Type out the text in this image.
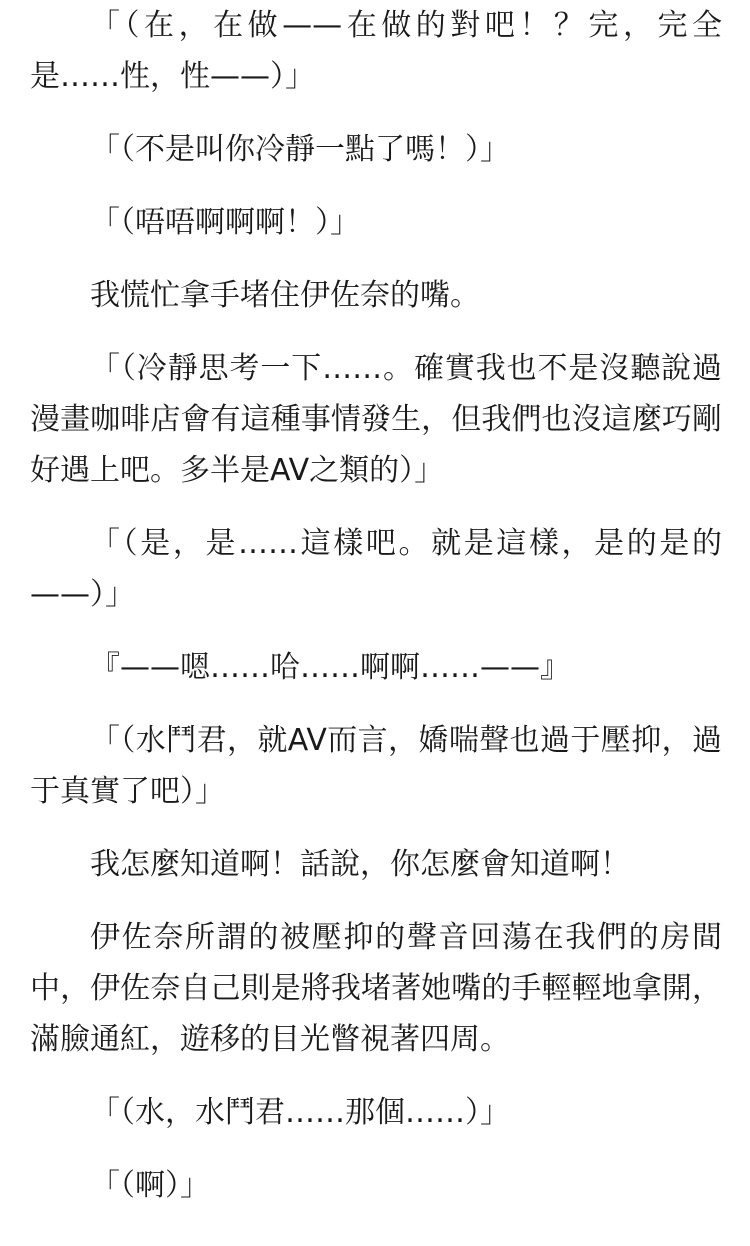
「（在，在做——在做的對吧！？完，完全是……性，性——）」

「（不是叫你冷靜一點了嗎！）」

「（唔唔啊啊啊！）」

我慌忙拿手堵住伊佐奈的嘴。

「（冷靜思考一下……。確實我也不是沒聽說過漫畫咖啡店會有這種事情發生，但我們也沒這麼巧剛好遇上吧。多半是AV之類的）」

「（是，是……這樣吧。就是這樣，是的是的——）」

『——嗯……哈……啊啊……——』

「（水鬥君，就AV而言，嬌喘聲也過于壓抑，過于真實了吧）」

我怎麼知道啊！話說，你怎麼會知道啊！

伊佐奈所謂的被壓抑的聲音回蕩在我們的房間中，伊佐奈自己則是將我堵著她嘴的手輕輕地拿開，滿臉通紅，遊移的目光瞥視著四周。

「（水，水鬥君……那個……）」

「（啊）」
